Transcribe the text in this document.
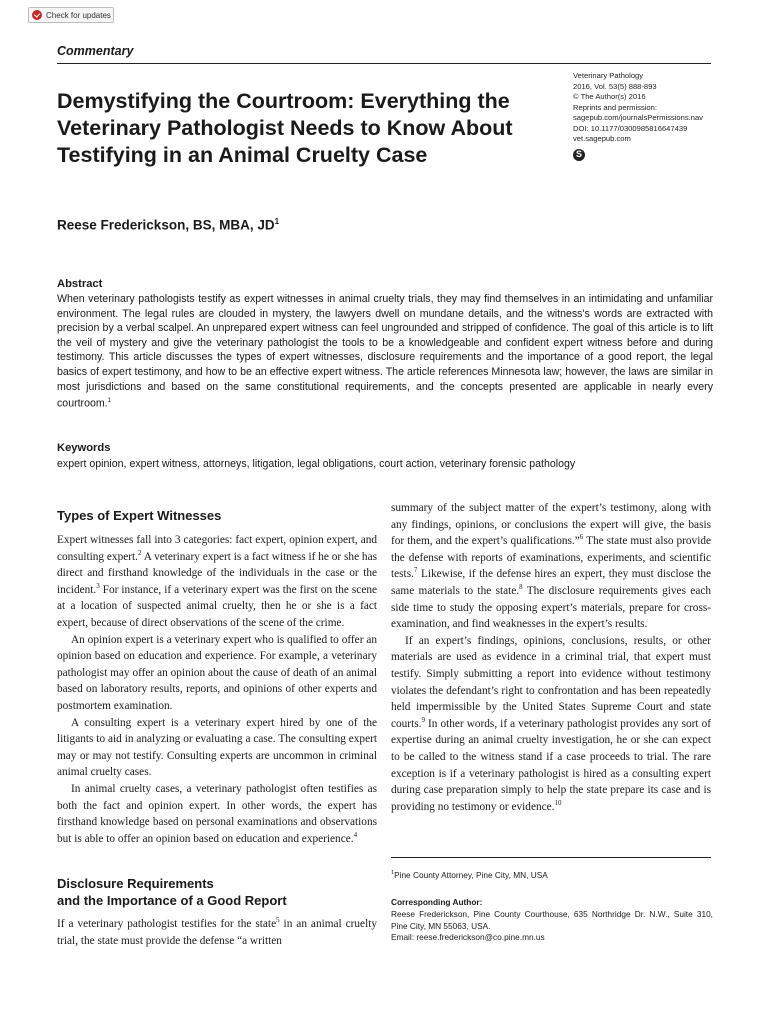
Check for updates
Commentary
Demystifying the Courtroom: Everything the Veterinary Pathologist Needs to Know About Testifying in an Animal Cruelty Case
Veterinary Pathology
2016, Vol. 53(5) 888-893
© The Author(s) 2016
Reprints and permission:
sagepub.com/journalsPermissions.nav
DOI: 10.1177/0300985816647439
vet.sagepub.com
S
Reese Frederickson, BS, MBA, $JD^1$
Abstract

When veterinary pathologists testify as expert witnesses in animal cruelty trials, they may find themselves in an intimidating and unfamiliar environment. The legal rules are clouded in mystery, the lawyers dwell on mundane details, and the witness's words are extracted with precision by a verbal scalpel. An unprepared expert witness can feel ungrounded and stripped of confidence. The goal of this article is to lift the veil of mystery and give the veterinary pathologist the tools to be a knowledgeable and confident expert witness before and during testimony. This article discusses the types of expert witnesses, disclosure requirements and the importance of a good report, the legal basics of expert testimony, and how to be an effective expert witness. The article references Minnesota law; however, the laws are similar in most jurisdictions and based on the same constitutional requirements, and the concepts presented are applicable in nearly every courtroom.$^1$

Keywords
expert opinion, expert witness, attorneys, litigation, legal obligations, court action, veterinary forensic pathology
Types of Expert Witnesses

Expert witnesses fall into 3 categories: fact expert, opinion expert, and consulting expert.$^2$ A veterinary expert is a fact witness if he or she has direct and firsthand knowledge of the individuals in the case or the incident.$^3$ For instance, if a veterinary expert was the first on the scene at a location of suspected animal cruelty, then he or she is a fact expert, because of direct observations of the scene of the crime.

An opinion expert is a veterinary expert who is qualified to offer an opinion based on education and experience. For example, a veterinary pathologist may offer an opinion about the cause of death of an animal based on laboratory results, reports, and opinions of other experts and postmortem examination.

A consulting expert is a veterinary expert hired by one of the litigants to aid in analyzing or evaluating a case. The consulting expert may or may not testify. Consulting experts are uncommon in criminal animal cruelty cases.

In animal cruelty cases, a veterinary pathologist often testifies as both the fact and opinion expert. In other words, the expert has firsthand knowledge based on personal examinations and observations but is able to offer an opinion based on education and experience.$^4$

Disclosure Requirements
and the Importance of a Good Report

If a veterinary pathologist testifies for the state$^5$ in an animal cruelty trial, the state must provide the defense “a written

summary of the subject matter of the expert’s testimony, along with any findings, opinions, or conclusions the expert will give, the basis for them, and the expert’s qualifications.”$^6$ The state must also provide the defense with reports of examinations, experiments, and scientific tests.$^7$ Likewise, if the defense hires an expert, they must disclose the same materials to the state.$^8$ The disclosure requirements gives each side time to study the opposing expert’s materials, prepare for cross-examination, and find weaknesses in the expert’s results.

If an expert’s findings, opinions, conclusions, results, or other materials are used as evidence in a criminal trial, that expert must testify. Simply submitting a report into evidence without testimony violates the defendant’s right to confrontation and has been repeatedly held impermissible by the United States Supreme Court and state courts.$^9$ In other words, if a veterinary pathologist provides any sort of expertise during an animal cruelty investigation, he or she can expect to be called to the witness stand if a case proceeds to trial. The rare exception is if a veterinary pathologist is hired as a consulting expert during case preparation simply to help the state prepare its case and is providing no testimony or evidence.$^{10}$

$^1$Pine County Attorney, Pine City, MN, USA
Corresponding Author:
Reese Frederickson, Pine County Courthouse, 635 Northridge Dr. N.W., Suite 310, Pine City, MN 55063, USA.
Email: reese.frederickson@co.pine.mn.us
